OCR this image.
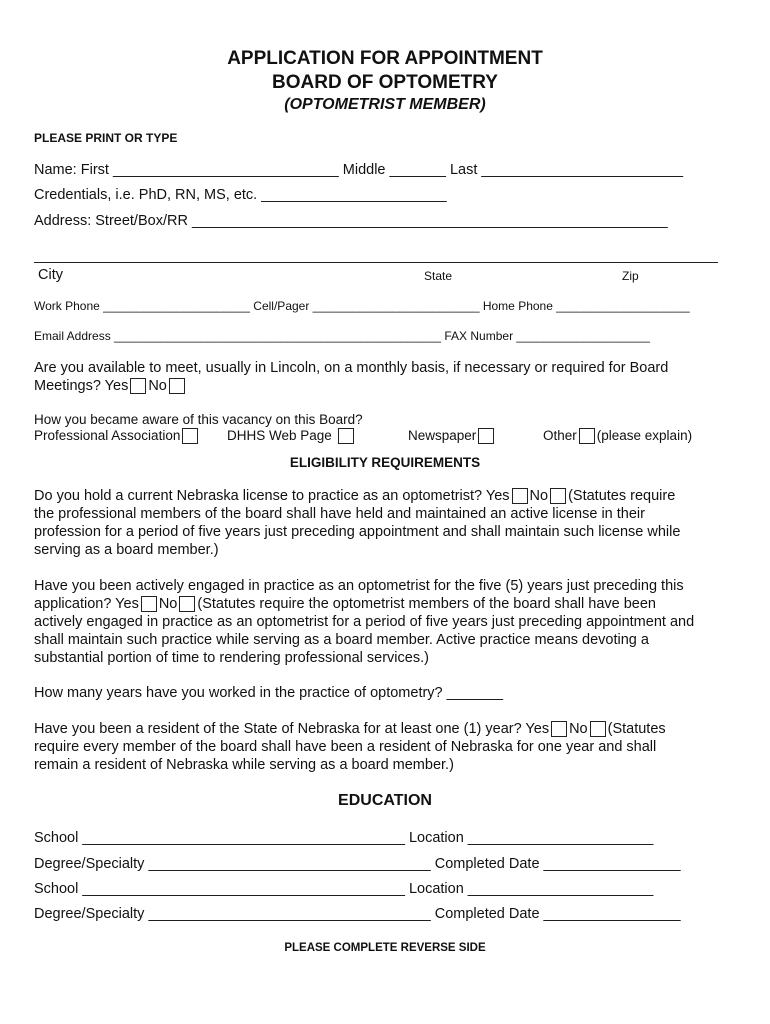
APPLICATION FOR APPOINTMENT
BOARD OF OPTOMETRY
(OPTOMETRIST MEMBER)
PLEASE PRINT OR TYPE
Name: First ____________________________ Middle _______ Last _________________________
Credentials, i.e. PhD, RN, MS, etc. _______________________
Address: Street/Box/RR ___________________________________________________________
City	State	Zip
Work Phone ______________________ Cell/Pager _________________________ Home Phone ____________________
Email Address _________________________________________________ FAX Number ____________________
Are you available to meet, usually in Lincoln, on a monthly basis, if necessary or required for Board
Meetings? Yes No
How you became aware of this vacancy on this Board?
Professional Association	DHHS Web Page	Newspaper	Other (please explain)
ELIGIBILITY REQUIREMENTS
Do you hold a current Nebraska license to practice as an optometrist? Yes No (Statutes require
the professional members of the board shall have held and maintained an active license in their
profession for a period of five years just preceding appointment and shall maintain such license while
serving as a board member.)
Have you been actively engaged in practice as an optometrist for the five (5) years just preceding this
application? Yes No (Statutes require the optometrist members of the board shall have been
actively engaged in practice as an optometrist for a period of five years just preceding appointment and
shall maintain such practice while serving as a board member. Active practice means devoting a
substantial portion of time to rendering professional services.)
How many years have you worked in the practice of optometry? _______
Have you been a resident of the State of Nebraska for at least one (1) year? Yes No (Statutes
require every member of the board shall have been a resident of Nebraska for one year and shall
remain a resident of Nebraska while serving as a board member.)
EDUCATION
School ________________________________________ Location _______________________
Degree/Specialty ___________________________________ Completed Date _________________
School ________________________________________ Location _______________________
Degree/Specialty ___________________________________ Completed Date _________________
PLEASE COMPLETE REVERSE SIDE
